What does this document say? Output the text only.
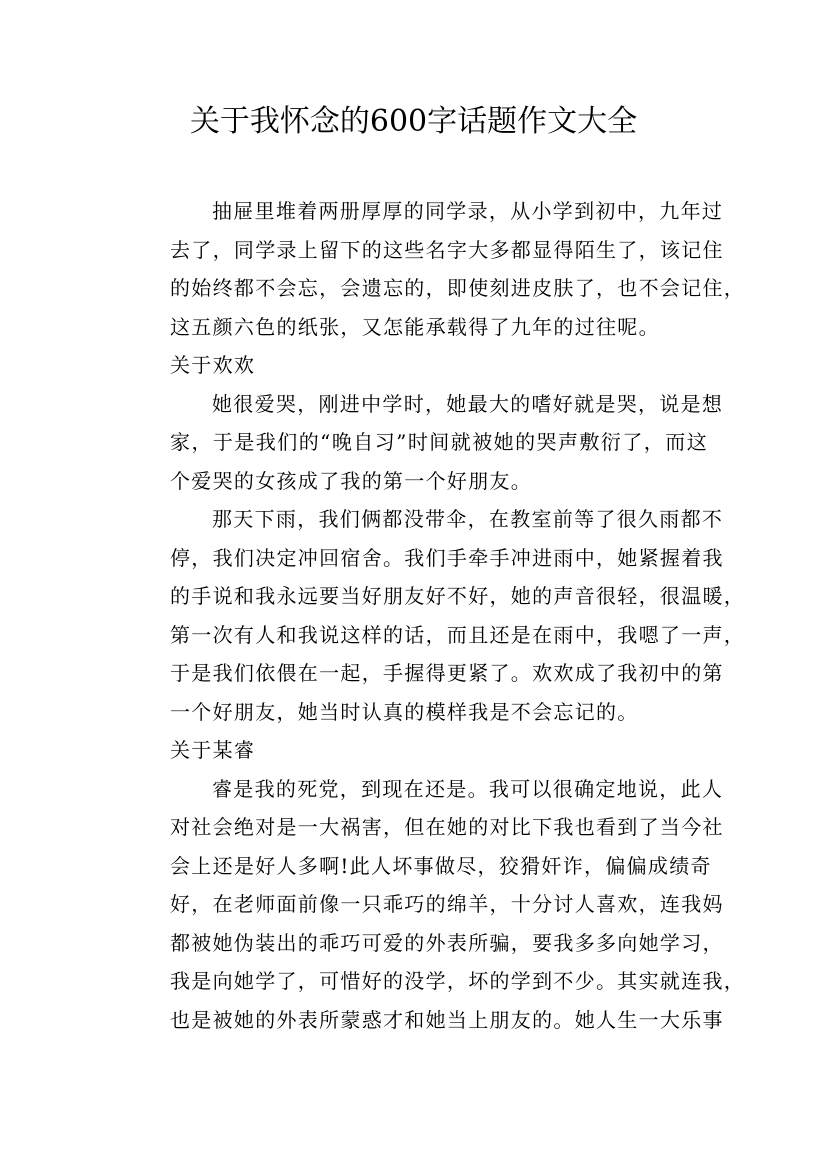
关于我怀念的600字话题作文大全

抽屉里堆着两册厚厚的同学录，从小学到初中，九年过
去了，同学录上留下的这些名字大多都显得陌生了，该记住
的始终都不会忘，会遗忘的，即使刻进皮肤了，也不会记住，
这五颜六色的纸张，又怎能承载得了九年的过往呢。

关于欢欢

她很爱哭，刚进中学时，她最大的嗜好就是哭，说是想
家，于是我们的“晚自习”时间就被她的哭声敷衍了，而这
个爱哭的女孩成了我的第一个好朋友。

那天下雨，我们俩都没带伞，在教室前等了很久雨都不
停，我们决定冲回宿舍。我们手牵手冲进雨中，她紧握着我
的手说和我永远要当好朋友好不好，她的声音很轻，很温暖，
第一次有人和我说这样的话，而且还是在雨中，我嗯了一声，
于是我们依偎在一起，手握得更紧了。欢欢成了我初中的第
一个好朋友，她当时认真的模样我是不会忘记的。

关于某睿

睿是我的死党，到现在还是。我可以很确定地说，此人
对社会绝对是一大祸害，但在她的对比下我也看到了当今社
会上还是好人多啊!此人坏事做尽，狡猾奸诈，偏偏成绩奇
好，在老师面前像一只乖巧的绵羊，十分讨人喜欢，连我妈
都被她伪装出的乖巧可爱的外表所骗，要我多多向她学习，
我是向她学了，可惜好的没学，坏的学到不少。其实就连我，
也是被她的外表所蒙惑才和她当上朋友的。她人生一大乐事
